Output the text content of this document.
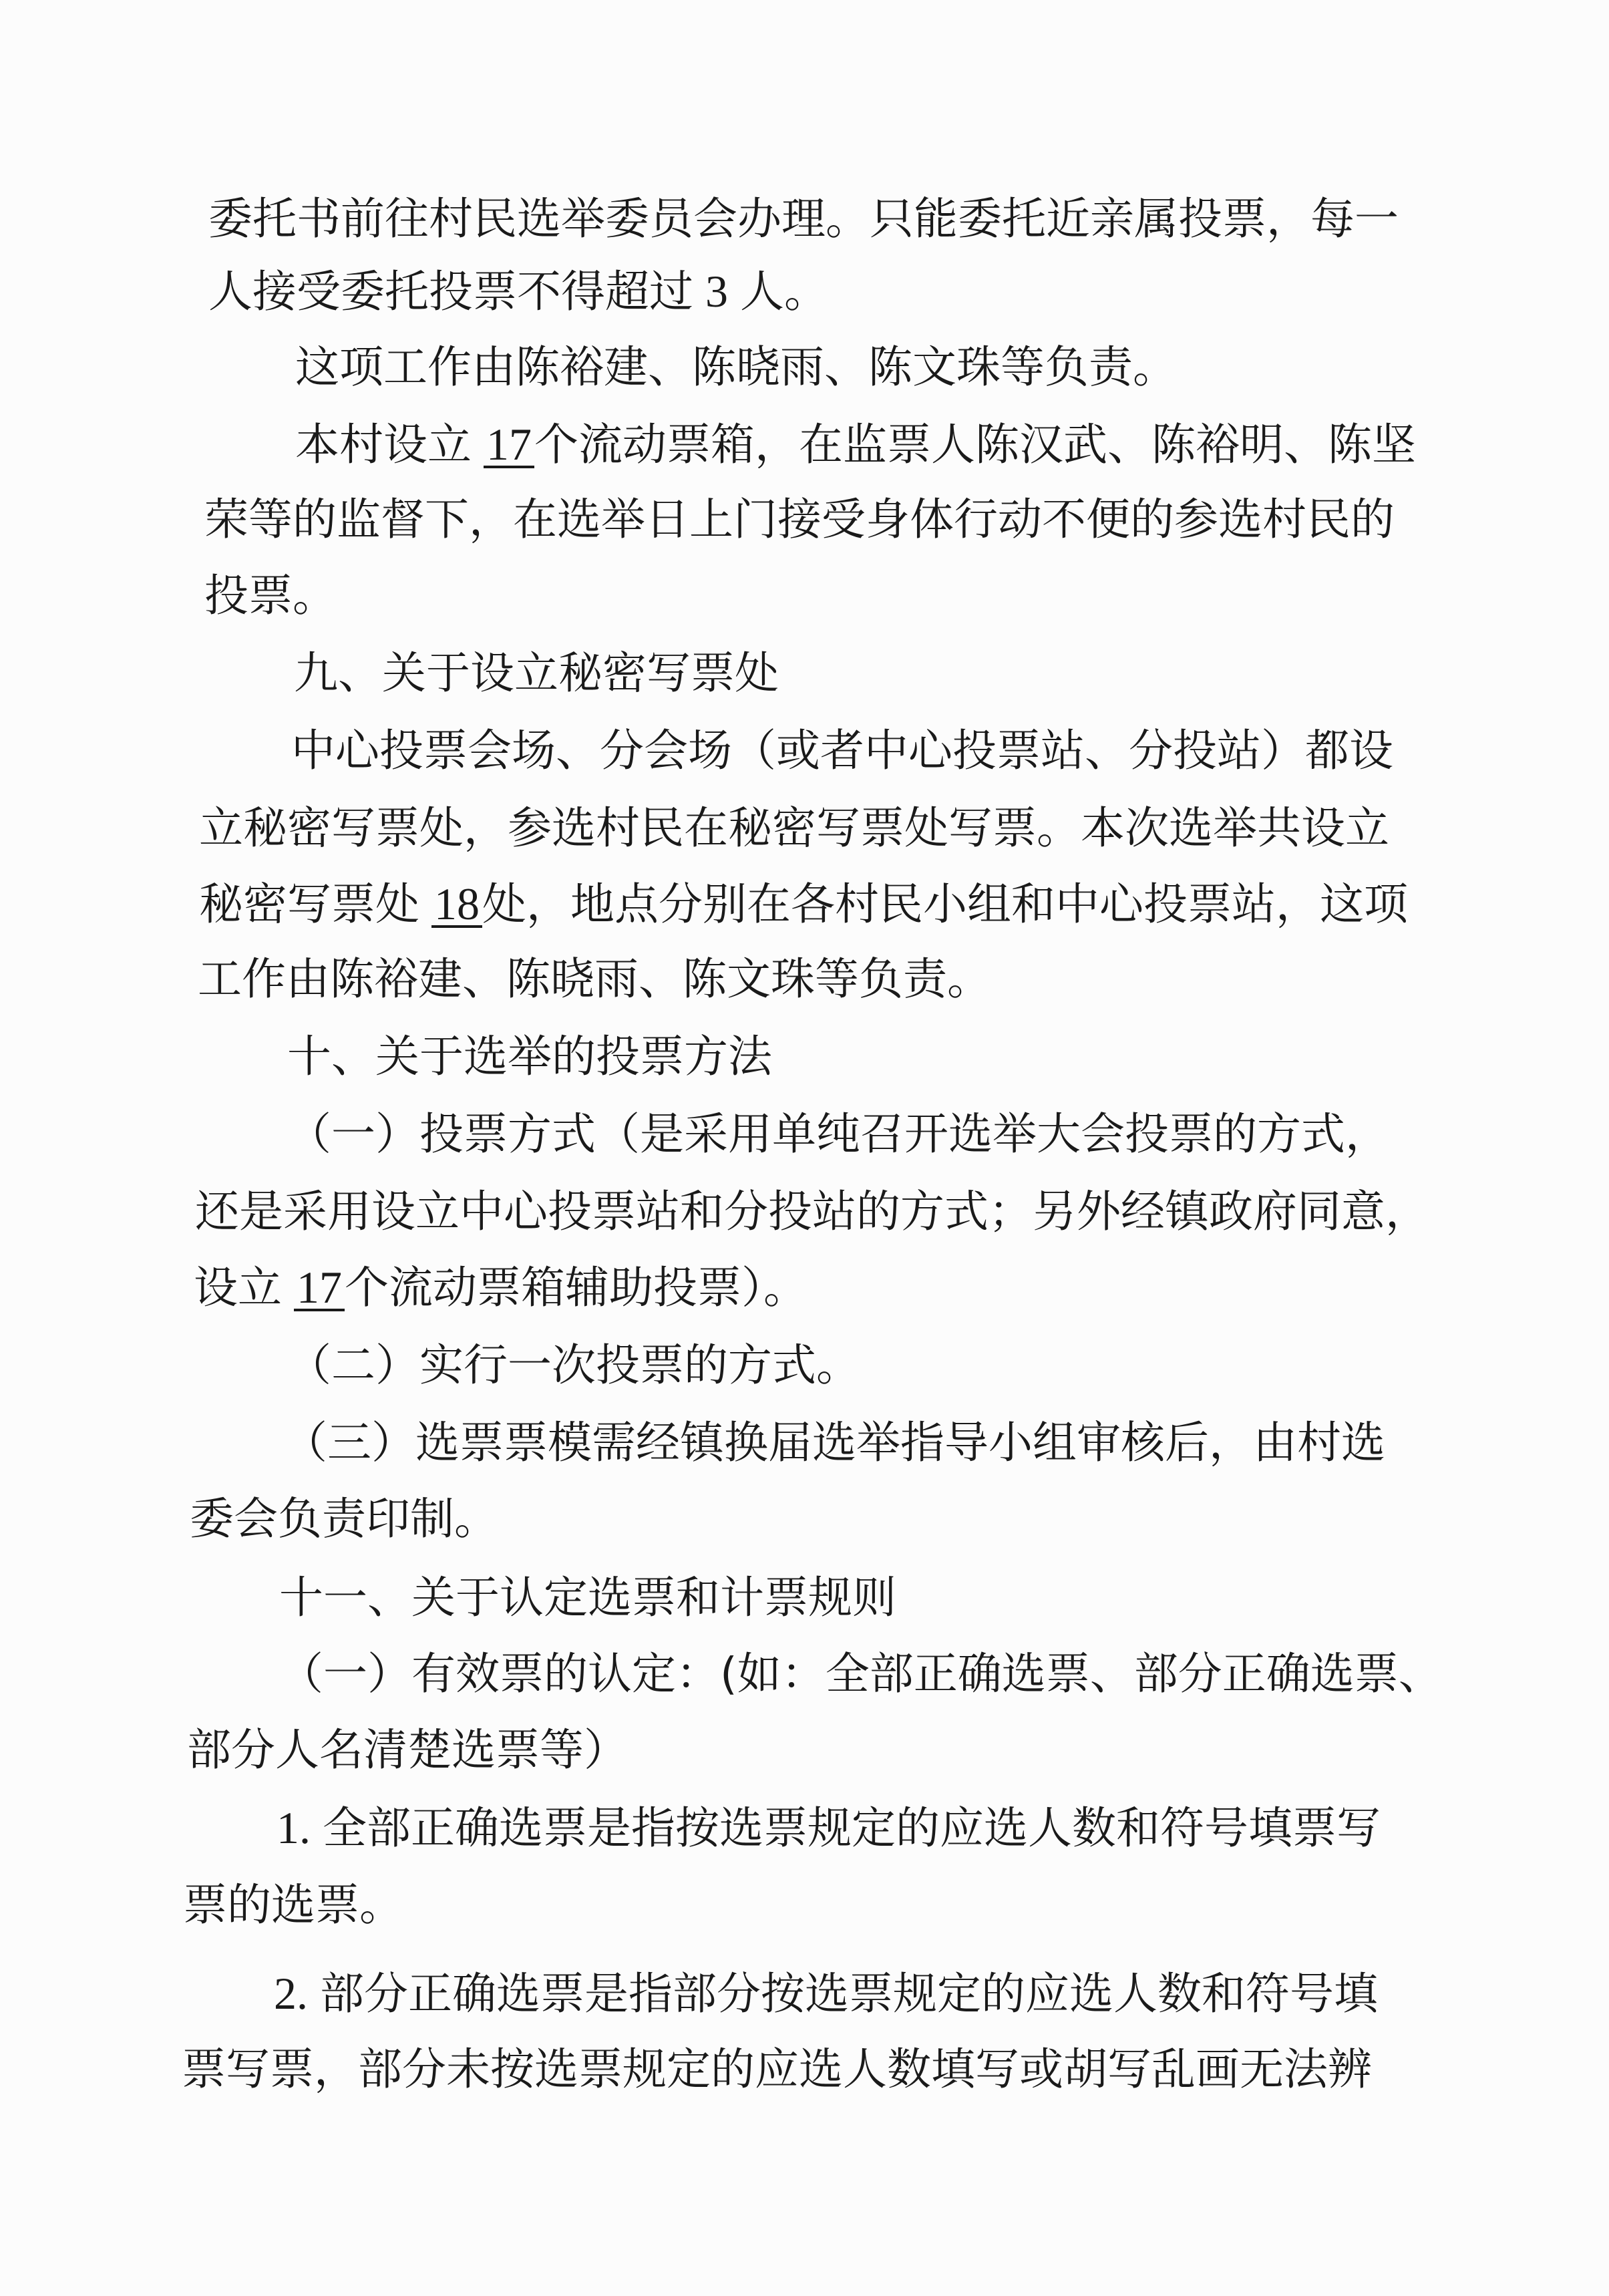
委托书前往村民选举委员会办理。只能委托近亲属投票，每一
人接受委托投票不得超过 3 人。
这项工作由陈裕建、陈晓雨、陈文珠等负责。
本村设立 17个流动票箱，在监票人陈汉武、陈裕明、陈坚
荣等的监督下，在选举日上门接受身体行动不便的参选村民的
投票。
九、关于设立秘密写票处
中心投票会场、分会场（或者中心投票站、分投站）都设
立秘密写票处，参选村民在秘密写票处写票。本次选举共设立
秘密写票处 18处，地点分别在各村民小组和中心投票站，这项
工作由陈裕建、陈晓雨、陈文珠等负责。
十、关于选举的投票方法
（一）投票方式（是采用单纯召开选举大会投票的方式，
还是采用设立中心投票站和分投站的方式；另外经镇政府同意，
设立 17个流动票箱辅助投票）。
（二）实行一次投票的方式。
（三）选票票模需经镇换届选举指导小组审核后，由村选
委会负责印制。
十一、关于认定选票和计票规则
（一）有效票的认定：(如：全部正确选票、部分正确选票、
部分人名清楚选票等）
1. 全部正确选票是指按选票规定的应选人数和符号填票写
票的选票。
2. 部分正确选票是指部分按选票规定的应选人数和符号填
票写票，部分未按选票规定的应选人数填写或胡写乱画无法辨
